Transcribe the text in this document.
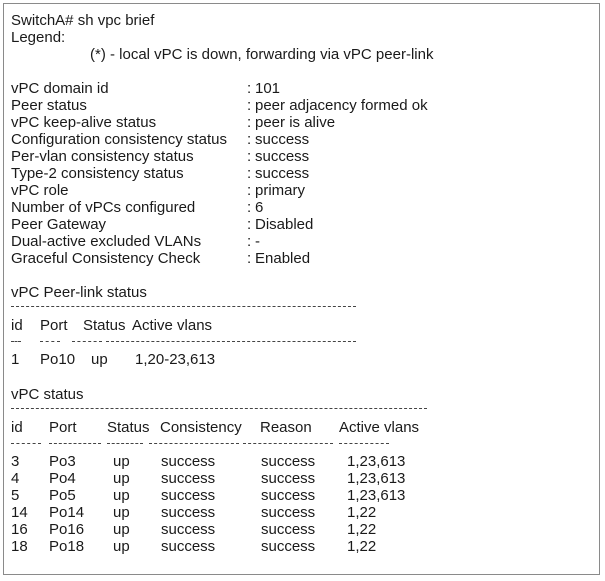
SwitchA# sh vpc brief
Legend:
(*) - local vPC is down, forwarding via vPC peer-link
vPC domain id	: 101
Peer status	: peer adjacency formed ok
vPC keep-alive status	: peer is alive
Configuration consistency status : success
Per-vlan consistency status	: success
Type-2 consistency status	: success
vPC role	: primary
Number of vPCs configured	: 6
Peer Gateway	: Disabled
Dual-active excluded VLANs	: -
Graceful Consistency Check	: Enabled
vPC Peer-link status
id Port Status Active vlans
1 Po10 up 1,20-23,613
vPC status
id Port Status Consistency Reason Active vlans
3 Po3 up success	success 1,23,613
4 Po4 up success	success 1,23,613
5 Po5 up success	success 1,23,613
14 Po14 up success	success 1,22
16 Po16 up success	success 1,22
18 Po18 up success	success 1,22
